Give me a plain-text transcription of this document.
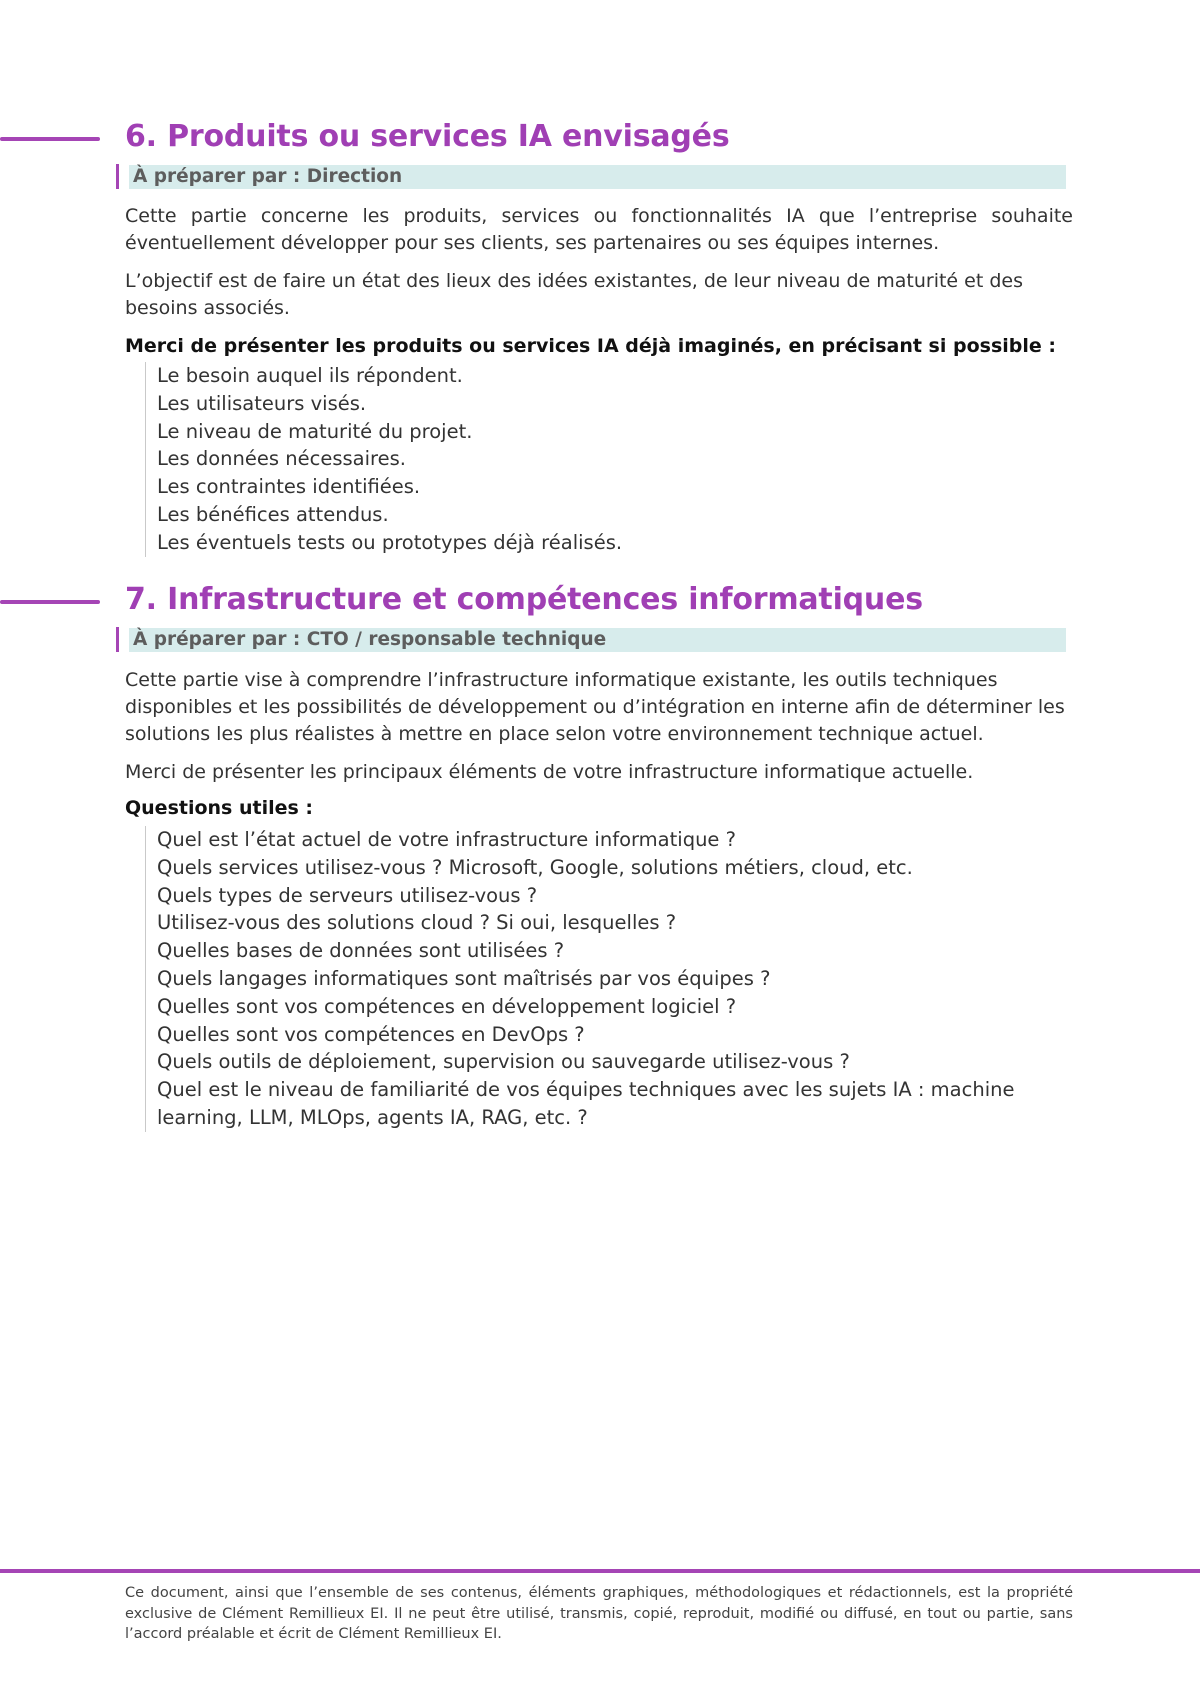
6. Produits ou services IA envisagés
À préparer par : Direction

Cette partie concerne les produits, services ou fonctionnalités IA que l’entreprise souhaite éventuellement développer pour ses clients, ses partenaires ou ses équipes internes.

L’objectif est de faire un état des lieux des idées existantes, de leur niveau de maturité et des besoins associés.

Merci de présenter les produits ou services IA déjà imaginés, en précisant si possible :

Le besoin auquel ils répondent.
Les utilisateurs visés.
Le niveau de maturité du projet.
Les données nécessaires.
Les contraintes identifiées.
Les bénéfices attendus.
Les éventuels tests ou prototypes déjà réalisés.
7. Infrastructure et compétences informatiques
À préparer par : CTO / responsable technique

Cette partie vise à comprendre l’infrastructure informatique existante, les outils techniques disponibles et les possibilités de développement ou d’intégration en interne afin de déterminer les solutions les plus réalistes à mettre en place selon votre environnement technique actuel.

Merci de présenter les principaux éléments de votre infrastructure informatique actuelle.

Questions utiles :

Quel est l’état actuel de votre infrastructure informatique ?
Quels services utilisez-vous ? Microsoft, Google, solutions métiers, cloud, etc.
Quels types de serveurs utilisez-vous ?
Utilisez-vous des solutions cloud ? Si oui, lesquelles ?
Quelles bases de données sont utilisées ?
Quels langages informatiques sont maîtrisés par vos équipes ?
Quelles sont vos compétences en développement logiciel ?
Quelles sont vos compétences en DevOps ?
Quels outils de déploiement, supervision ou sauvegarde utilisez-vous ?
Quel est le niveau de familiarité de vos équipes techniques avec les sujets IA : machine learning, LLM, MLOps, agents IA, RAG, etc. ?

Ce document, ainsi que l’ensemble de ses contenus, éléments graphiques, méthodologiques et rédactionnels, est la propriété exclusive de Clément Remillieux EI. Il ne peut être utilisé, transmis, copié, reproduit, modifié ou diffusé, en tout ou partie, sans l’accord préalable et écrit de Clément Remillieux EI.
